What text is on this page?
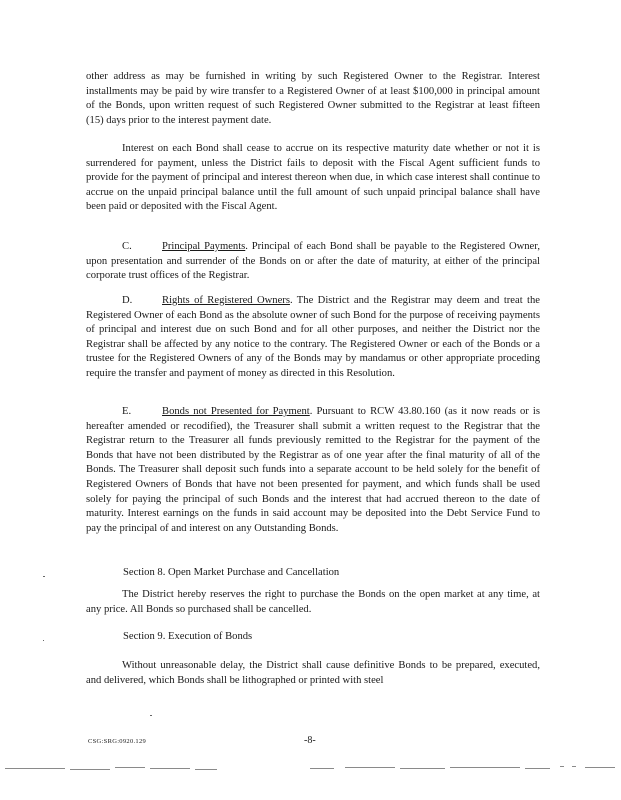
other address as may be furnished in writing by such Registered Owner to the Registrar. Interest installments may be paid by wire transfer to a Registered Owner of at least $100,000 in principal amount of the Bonds, upon written request of such Registered Owner submitted to the Registrar at least fifteen (15) days prior to the interest payment date.

Interest on each Bond shall cease to accrue on its respective maturity date whether or not it is surrendered for payment, unless the District fails to deposit with the Fiscal Agent sufficient funds to provide for the payment of principal and interest thereon when due, in which case interest shall continue to accrue on the unpaid principal balance until the full amount of such unpaid principal balance shall have been paid or deposited with the Fiscal Agent.

C.	Principal Payments. Principal of each Bond shall be payable to the Registered Owner, upon presentation and surrender of the Bonds on or after the date of maturity, at either of the principal corporate trust offices of the Registrar.

D.	Rights of Registered Owners. The District and the Registrar may deem and treat the Registered Owner of each Bond as the absolute owner of such Bond for the purpose of receiving payments of principal and interest due on such Bond and for all other purposes, and neither the District nor the Registrar shall be affected by any notice to the contrary. The Registered Owner or each of the Bonds or a trustee for the Registered Owners of any of the Bonds may by mandamus or other appropriate proceding require the transfer and payment of money as directed in this Resolution.

E.	Bonds not Presented for Payment. Pursuant to RCW 43.80.160 (as it now reads or is hereafter amended or recodified), the Treasurer shall submit a written request to the Registrar that the Registrar return to the Treasurer all funds previously remitted to the Registrar for the payment of the Bonds that have not been distributed by the Registrar as of one year after the final maturity of all of the Bonds. The Treasurer shall deposit such funds into a separate account to be held solely for the benefit of Registered Owners of Bonds that have not been presented for payment, and which funds shall be used solely for paying the principal of such Bonds and the interest that had accrued thereon to the date of maturity. Interest earnings on the funds in said account may be deposited into the Debt Service Fund to pay the principal of and interest on any Outstanding Bonds.

Section 8. Open Market Purchase and Cancellation

The District hereby reserves the right to purchase the Bonds on the open market at any time, at any price. All Bonds so purchased shall be cancelled.

Section 9. Execution of Bonds

Without unreasonable delay, the District shall cause definitive Bonds to be prepared, executed, and delivered, which Bonds shall be lithographed or printed with steel

CSG:SRG:0920.129	-8-
